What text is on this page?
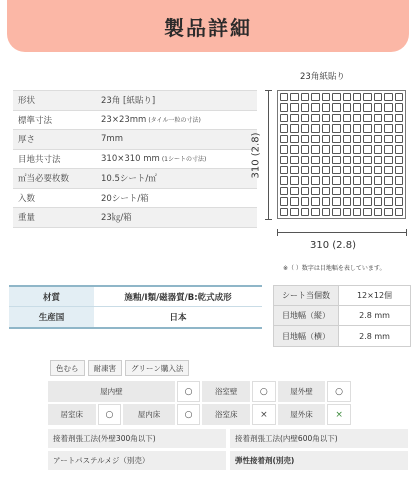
製品詳細
形状	23角 [紙貼り]
標準寸法	23×23mm (タイル一粒の寸法)
厚さ	7mm
目地共寸法	310×310 mm (1シートの寸法)
㎡当必要枚数	10.5シート/㎡
入数	20シート/箱
重量	23㎏/箱
23角紙貼り
310 (2.8)
310 (2.8)
※（ ）数字は目地幅を表しています。
材質	施釉/I類/磁器質/B:乾式成形
生産国	日本
シート当個数	12×12個
目地幅（縦）	2.8 mm
目地幅（横）	2.8 mm
色むら	耐凍害	グリーン購入法
屋内壁	○	浴室壁	○	屋外壁	○
居室床	○	屋内床	○	浴室床	×	屋外床	×
接着剤張工法(外壁300角以下)	接着剤張工法(内壁600角以下)
アートパステルメジ（別売）	弾性接着剤(別売)
